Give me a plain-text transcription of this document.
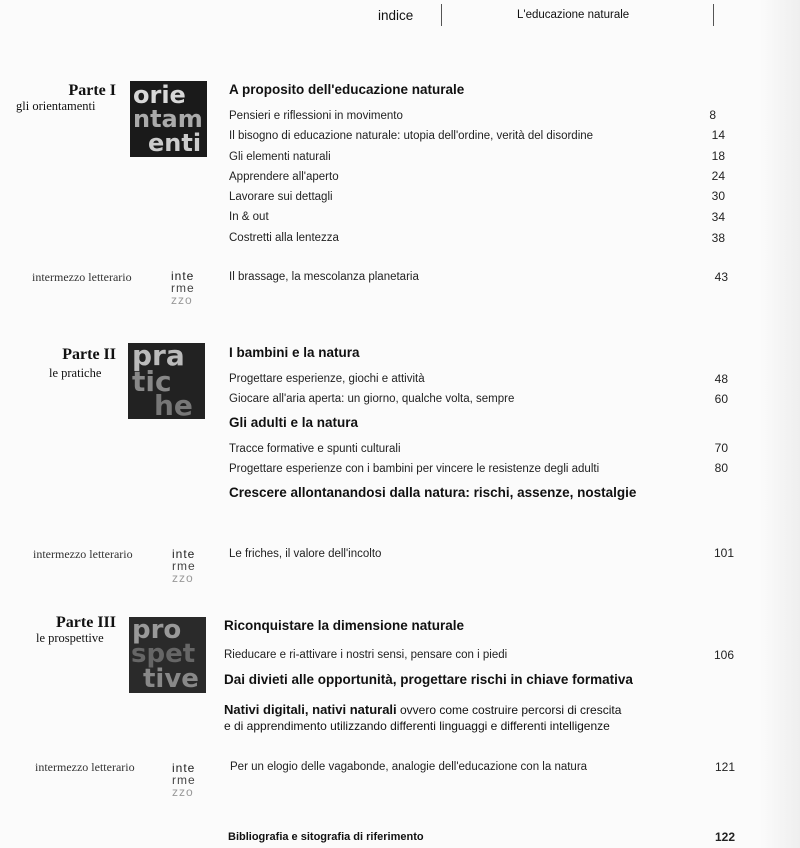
indice	L'educazione naturale
Parte I
gli orientamenti orie
ntam
enti
A proposito dell'educazione naturale
Pensieri e riflessioni in movimento	8
Il bisogno di educazione naturale: utopia dell'ordine, verità del disordine	14
Gli elementi naturali	18
Apprendere all'aperto	24
Lavorare sui dettagli	30
In & out	34
Costretti alla lentezza	38
intermezzo letterario	inte
rme
zzo
Il brassage, la mescolanza planetaria	43
Parte II
le pratiche
pra
tic
he
I bambini e la natura
Progettare esperienze, giochi e attività	48
Giocare all'aria aperta: un giorno, qualche volta, sempre	60
Gli adulti e la natura
Tracce formative e spunti culturali	70
Progettare esperienze con i bambini per vincere le resistenze degli adulti	80
Crescere allontanandosi dalla natura: rischi, assenze, nostalgie
intermezzo letterario	inte
rme
zzo
Le friches, il valore dell'incolto	101
Parte III
le prospettive pro
spet
tive
Riconquistare la dimensione naturale
Rieducare e ri-attivare i nostri sensi, pensare con i piedi	106
Dai divieti alle opportunità, progettare rischi in chiave formativa
Nativi digitali, nativi naturali ovvero come costruire percorsi di crescita
e di apprendimento utilizzando differenti linguaggi e differenti intelligenze
intermezzo letterario	inte
rme
zzo
Per un elogio delle vagabonde, analogie dell'educazione con la natura	121
Bibliografia e sitografia di riferimento	122
